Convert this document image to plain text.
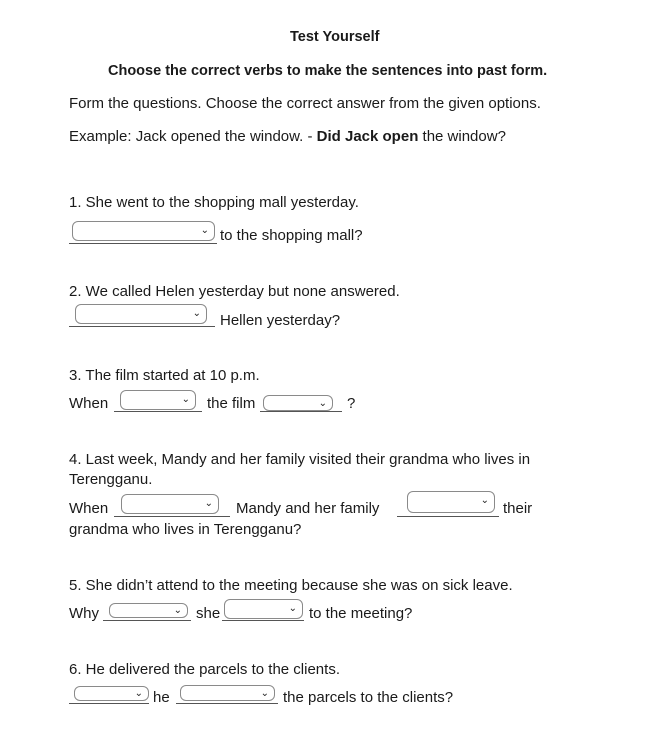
Test Yourself
Choose the correct verbs to make the sentences into past form.
Form the questions. Choose the correct answer from the given options.
Example: Jack opened the window. - Did Jack open the window?
1. She went to the shopping mall yesterday.
⌄ to the shopping mall?
2. We called Helen yesterday but none answered.
⌄ Hellen yesterday?
3. The film started at 10 p.m.
When	⌄ the film	⌄ ?
4. Last week, Mandy and her family visited their grandma who lives in
Terengganu.
When	⌄ Mandy and her family	⌄ their
grandma who lives in Terengganu?
5. She didn’t attend to the meeting because she was on sick leave.
Why	⌄ she	⌄ to the meeting?
6. He delivered the parcels to the clients.
⌄ he	⌄ the parcels to the clients?
